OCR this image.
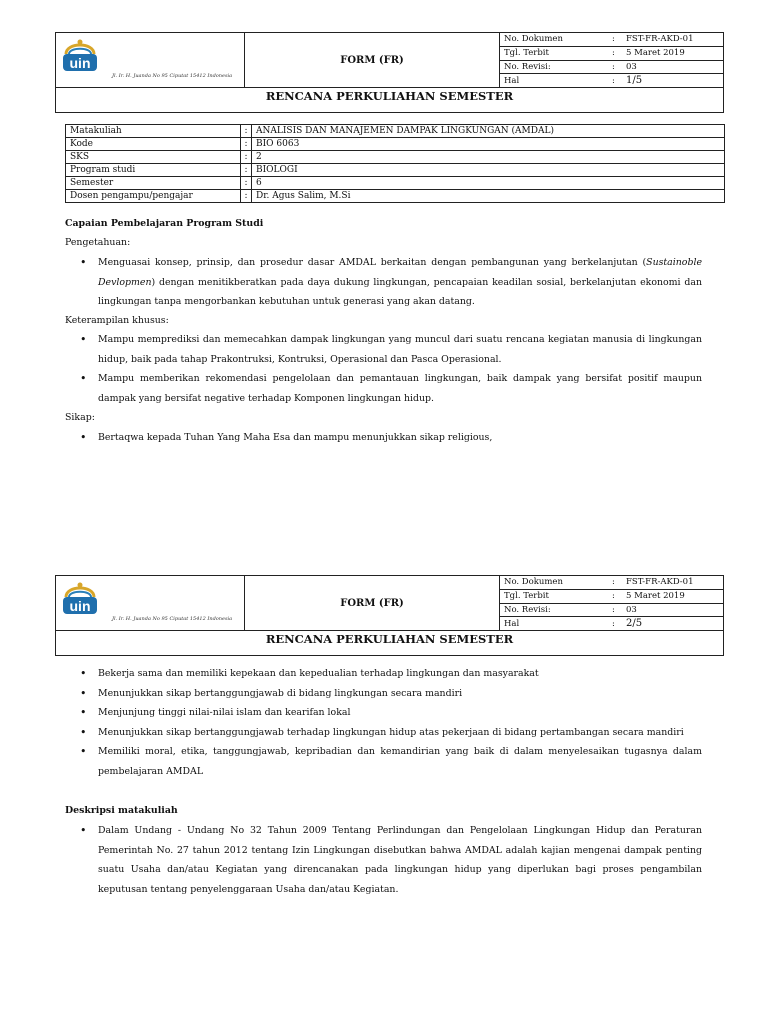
uin
Jl. Ir. H. Juanda No 95 Ciputat 15412 Indonesia
FORM (FR)
No. Dokumen	:	FST-FR-AKD-01
Tgl. Terbit	:	5 Maret 2019
No. Revisi:	:	03
Hal	:	1/5
RENCANA PERKULIAHAN SEMESTER
Matakuliah	:	ANALISIS DAN MANAJEMEN DAMPAK LINGKUNGAN (AMDAL)
Kode	:	BIO 6063
SKS	:	2
Program studi	:	BIOLOGI
Semester	:	6
Dosen pengampu/pengajar	:	Dr. Agus Salim, M.Si
Capaian Pembelajaran Program Studi
Pengetahuan:
• Menguasai konsep, prinsip, dan prosedur dasar AMDAL berkaitan dengan pembangunan yang berkelanjutan (Sustainoble Devlopmen) dengan menitikberatkan pada daya dukung lingkungan, pencapaian keadilan sosial, berkelanjutan ekonomi dan lingkungan tanpa mengorbankan kebutuhan untuk generasi yang akan datang.
Keterampilan khusus:
• Mampu memprediksi dan memecahkan dampak lingkungan yang muncul dari suatu rencana kegiatan manusia di lingkungan hidup, baik pada tahap Prakontruksi, Kontruksi, Operasional dan Pasca Operasional.
• Mampu memberikan rekomendasi pengelolaan dan pemantauan lingkungan, baik dampak yang bersifat positif maupun dampak yang bersifat negative terhadap Komponen lingkungan hidup.
Sikap:
• Bertaqwa kepada Tuhan Yang Maha Esa dan mampu menunjukkan sikap religious,
uin
Jl. Ir. H. Juanda No 95 Ciputat 15412 Indonesia
FORM (FR)
No. Dokumen	:	FST-FR-AKD-01
Tgl. Terbit	:	5 Maret 2019
No. Revisi:	:	03
Hal	:	2/5
RENCANA PERKULIAHAN SEMESTER
• Bekerja sama dan memiliki kepekaan dan kepedualian terhadap lingkungan dan masyarakat
• Menunjukkan sikap bertanggungjawab di bidang lingkungan secara mandiri
• Menjunjung tinggi nilai-nilai islam dan kearifan lokal
• Menunjukkan sikap bertanggungjawab terhadap lingkungan hidup atas pekerjaan di bidang pertambangan secara mandiri
• Memiliki moral, etika, tanggungjawab, kepribadian dan kemandirian yang baik di dalam menyelesaikan tugasnya dalam pembelajaran AMDAL
Deskripsi matakuliah
• Dalam Undang - Undang No 32 Tahun 2009 Tentang Perlindungan dan Pengelolaan Lingkungan Hidup dan Peraturan Pemerintah No. 27 tahun 2012 tentang Izin Lingkungan disebutkan bahwa AMDAL adalah kajian mengenai dampak penting suatu Usaha dan/atau Kegiatan yang direncanakan pada lingkungan hidup yang diperlukan bagi proses pengambilan keputusan tentang penyelenggaraan Usaha dan/atau Kegiatan.
